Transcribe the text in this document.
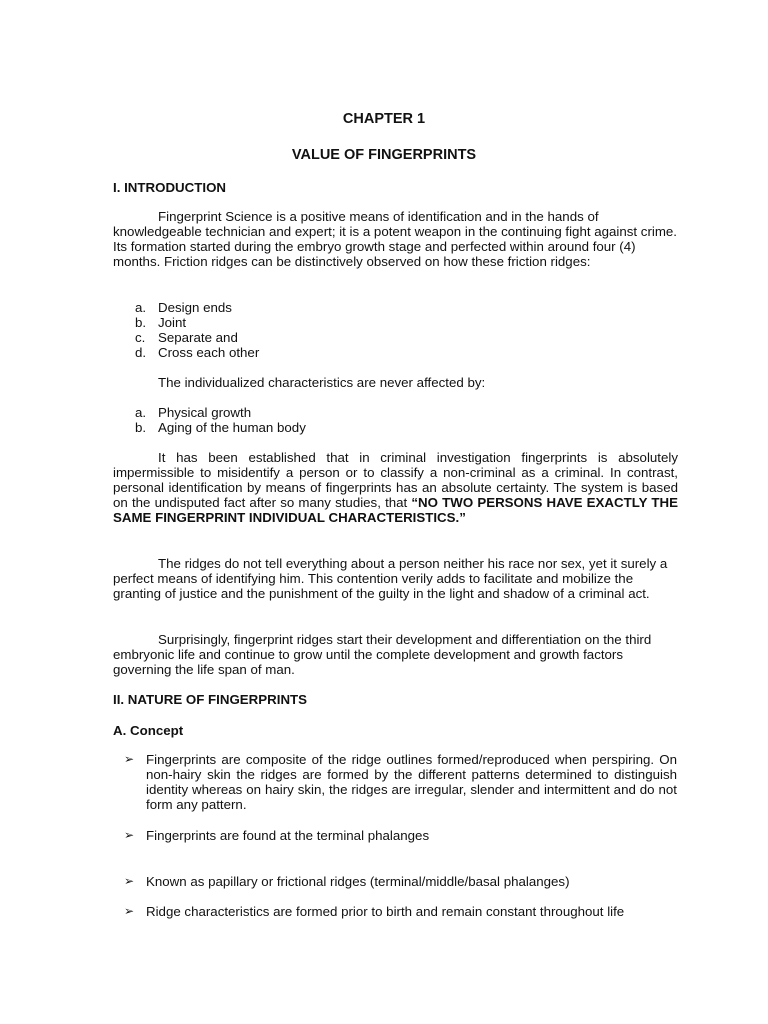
CHAPTER 1
VALUE OF FINGERPRINTS
I. INTRODUCTION

Fingerprint Science is a positive means of identification and in the hands of knowledgeable technician and expert; it is a potent weapon in the continuing fight against crime. Its formation started during the embryo growth stage and perfected within around four (4) months. Friction ridges can be distinctively observed on how these friction ridges:

a. Design ends
b. Joint
c. Separate and
d. Cross each other

The individualized characteristics are never affected by:

a. Physical growth
b. Aging of the human body

It has been established that in criminal investigation fingerprints is absolutely impermissible to misidentify a person or to classify a non-criminal as a criminal. In contrast, personal identification by means of fingerprints has an absolute certainty. The system is based on the undisputed fact after so many studies, that “NO TWO PERSONS HAVE EXACTLY THE SAME FINGERPRINT INDIVIDUAL CHARACTERISTICS.”

The ridges do not tell everything about a person neither his race nor sex, yet it surely a perfect means of identifying him. This contention verily adds to facilitate and mobilize the granting of justice and the punishment of the guilty in the light and shadow of a criminal act.

Surprisingly, fingerprint ridges start their development and differentiation on the third embryonic life and continue to grow until the complete development and growth factors governing the life span of man.

II. NATURE OF FINGERPRINTS
A. Concept
➢ Fingerprints are composite of the ridge outlines formed/reproduced when perspiring. On non-hairy skin the ridges are formed by the different patterns determined to distinguish identity whereas on hairy skin, the ridges are irregular, slender and intermittent and do not form any pattern.
➢ Fingerprints are found at the terminal phalanges
➢ Known as papillary or frictional ridges (terminal/middle/basal phalanges)
➢ Ridge characteristics are formed prior to birth and remain constant throughout life
